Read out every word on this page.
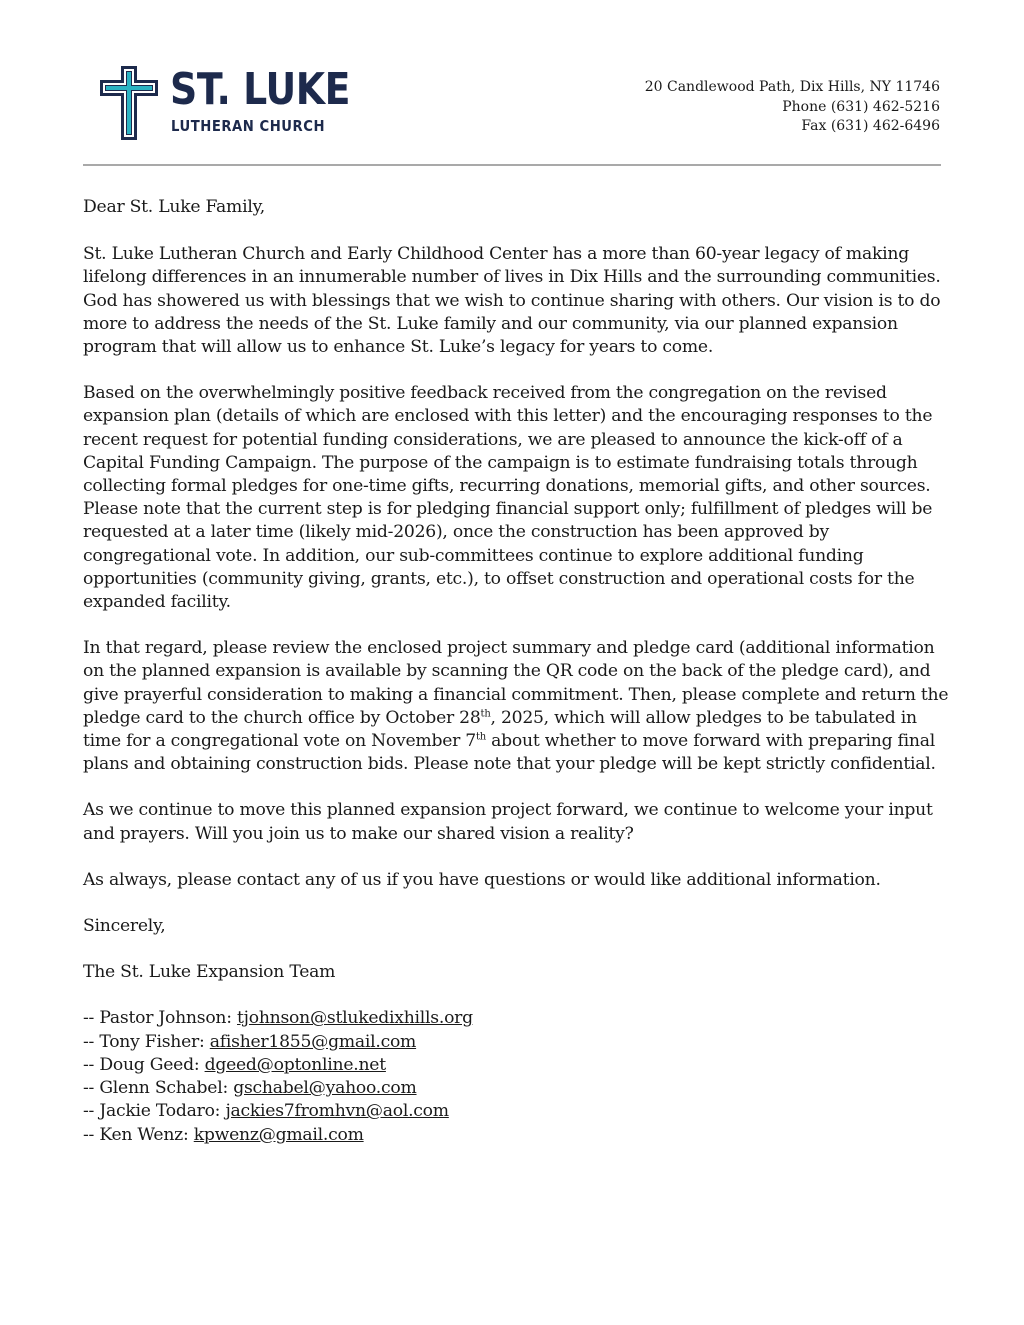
ST. LUKE
LUTHERAN CHURCH
20 Candlewood Path, Dix Hills, NY 11746
Phone (631) 462-5216
Fax (631) 462-6496

Dear St. Luke Family,

St. Luke Lutheran Church and Early Childhood Center has a more than 60-year legacy of making lifelong differences in an innumerable number of lives in Dix Hills and the surrounding communities. God has showered us with blessings that we wish to continue sharing with others. Our vision is to do more to address the needs of the St. Luke family and our community, via our planned expansion program that will allow us to enhance St. Luke’s legacy for years to come.

Based on the overwhelmingly positive feedback received from the congregation on the revised expansion plan (details of which are enclosed with this letter) and the encouraging responses to the recent request for potential funding considerations, we are pleased to announce the kick-off of a Capital Funding Campaign. The purpose of the campaign is to estimate fundraising totals through collecting formal pledges for one-time gifts, recurring donations, memorial gifts, and other sources. Please note that the current step is for pledging financial support only; fulfillment of pledges will be requested at a later time (likely mid-2026), once the construction has been approved by congregational vote. In addition, our sub-committees continue to explore additional funding opportunities (community giving, grants, etc.), to offset construction and operational costs for the expanded facility.

In that regard, please review the enclosed project summary and pledge card (additional information on the planned expansion is available by scanning the QR code on the back of the pledge card), and give prayerful consideration to making a financial commitment. Then, please complete and return the pledge card to the church office by October 28th, 2025, which will allow pledges to be tabulated in time for a congregational vote on November 7th about whether to move forward with preparing final plans and obtaining construction bids. Please note that your pledge will be kept strictly confidential.

As we continue to move this planned expansion project forward, we continue to welcome your input and prayers. Will you join us to make our shared vision a reality?

As always, please contact any of us if you have questions or would like additional information.

Sincerely,

The St. Luke Expansion Team

-- Pastor Johnson: tjohnson@stlukedixhills.org
-- Tony Fisher: afisher1855@gmail.com
-- Doug Geed: dgeed@optonline.net
-- Glenn Schabel: gschabel@yahoo.com
-- Jackie Todaro: jackies7fromhvn@aol.com
-- Ken Wenz: kpwenz@gmail.com
